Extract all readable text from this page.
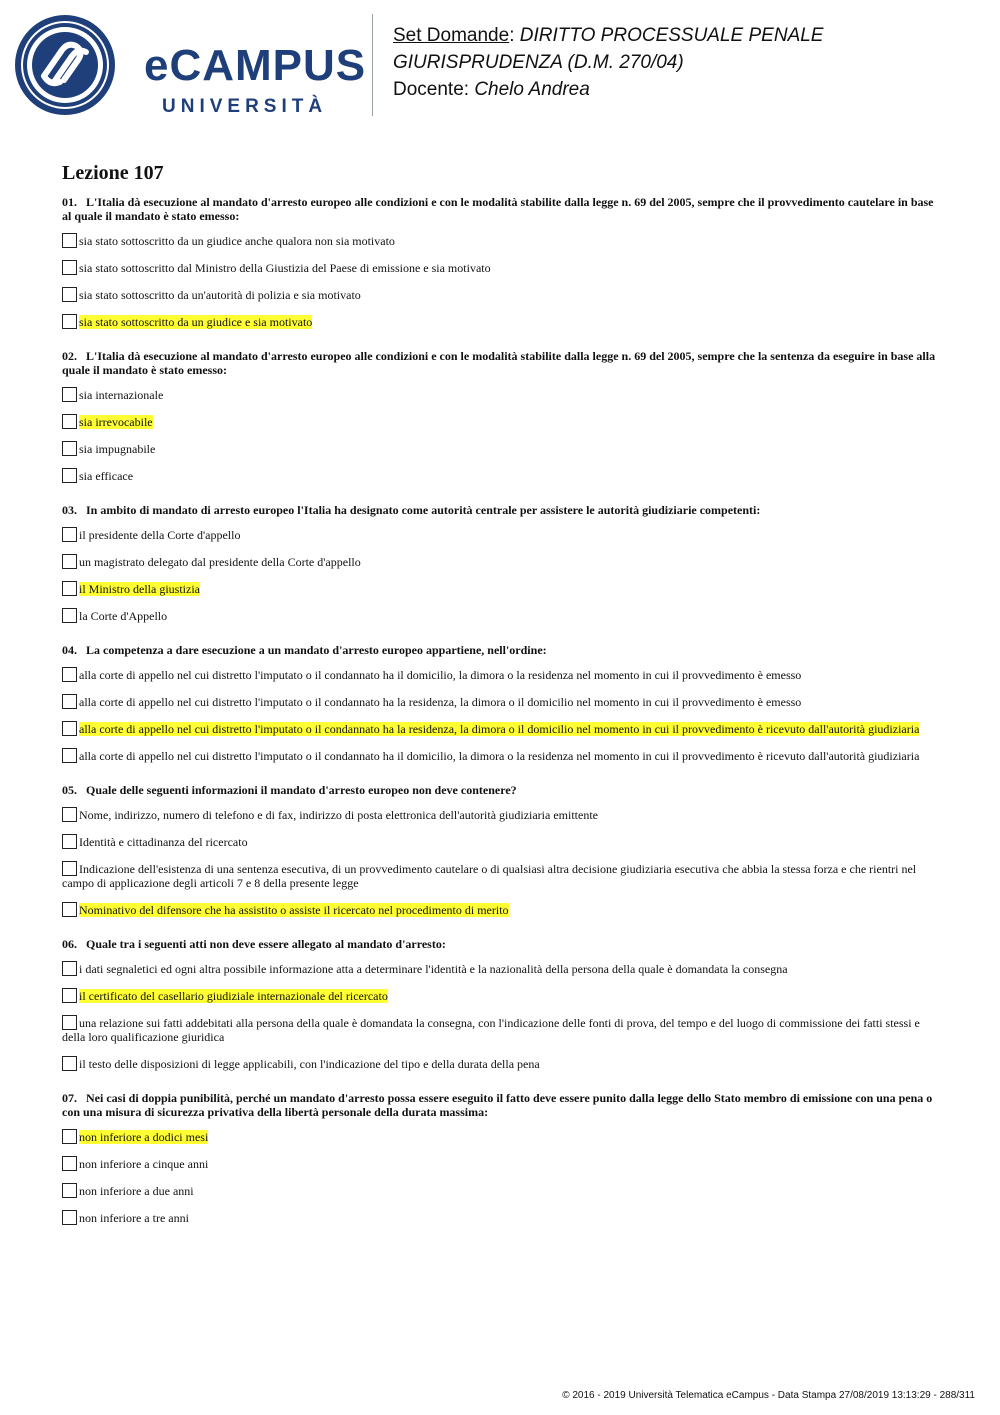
eCAMPUS
UNIVERSITÀ
Set Domande: DIRITTO PROCESSUALE PENALE
GIURISPRUDENZA (D.M. 270/04)
Docente: Chelo Andrea
Lezione 107
01. L'Italia dà esecuzione al mandato d'arresto europeo alle condizioni e con le modalità stabilite dalla legge n. 69 del 2005, sempre che il provvedimento cautelare in base al quale il mandato è stato emesso:
sia stato sottoscritto da un giudice anche qualora non sia motivato
sia stato sottoscritto dal Ministro della Giustizia del Paese di emissione e sia motivato
sia stato sottoscritto da un'autorità di polizia e sia motivato
sia stato sottoscritto da un giudice e sia motivato
02. L'Italia dà esecuzione al mandato d'arresto europeo alle condizioni e con le modalità stabilite dalla legge n. 69 del 2005, sempre che la sentenza da eseguire in base alla quale il mandato è stato emesso:
sia internazionale
sia irrevocabile
sia impugnabile
sia efficace
03. In ambito di mandato di arresto europeo l'Italia ha designato come autorità centrale per assistere le autorità giudiziarie competenti:
il presidente della Corte d'appello
un magistrato delegato dal presidente della Corte d'appello
il Ministro della giustizia
la Corte d'Appello
04. La competenza a dare esecuzione a un mandato d'arresto europeo appartiene, nell'ordine:
alla corte di appello nel cui distretto l'imputato o il condannato ha il domicilio, la dimora o la residenza nel momento in cui il provvedimento è emesso
alla corte di appello nel cui distretto l'imputato o il condannato ha la residenza, la dimora o il domicilio nel momento in cui il provvedimento è emesso
alla corte di appello nel cui distretto l'imputato o il condannato ha la residenza, la dimora o il domicilio nel momento in cui il provvedimento è ricevuto dall'autorità giudiziaria
alla corte di appello nel cui distretto l'imputato o il condannato ha il domicilio, la dimora o la residenza nel momento in cui il provvedimento è ricevuto dall'autorità giudiziaria
05. Quale delle seguenti informazioni il mandato d'arresto europeo non deve contenere?
Nome, indirizzo, numero di telefono e di fax, indirizzo di posta elettronica dell'autorità giudiziaria emittente
Identità e cittadinanza del ricercato
Indicazione dell'esistenza di una sentenza esecutiva, di un provvedimento cautelare o di qualsiasi altra decisione giudiziaria esecutiva che abbia la stessa forza e che rientri nel campo di applicazione degli articoli 7 e 8 della presente legge
Nominativo del difensore che ha assistito o assiste il ricercato nel procedimento di merito
06. Quale tra i seguenti atti non deve essere allegato al mandato d'arresto:
i dati segnaletici ed ogni altra possibile informazione atta a determinare l'identità e la nazionalità della persona della quale è domandata la consegna
il certificato del casellario giudiziale internazionale del ricercato
una relazione sui fatti addebitati alla persona della quale è domandata la consegna, con l'indicazione delle fonti di prova, del tempo e del luogo di commissione dei fatti stessi e della loro qualificazione giuridica
il testo delle disposizioni di legge applicabili, con l'indicazione del tipo e della durata della pena
07. Nei casi di doppia punibilità, perché un mandato d'arresto possa essere eseguito il fatto deve essere punito dalla legge dello Stato membro di emissione con una pena o con una misura di sicurezza privativa della libertà personale della durata massima:
non inferiore a dodici mesi
non inferiore a cinque anni
non inferiore a due anni
non inferiore a tre anni
© 2016 - 2019 Università Telematica eCampus - Data Stampa 27/08/2019 13:13:29 - 288/311
